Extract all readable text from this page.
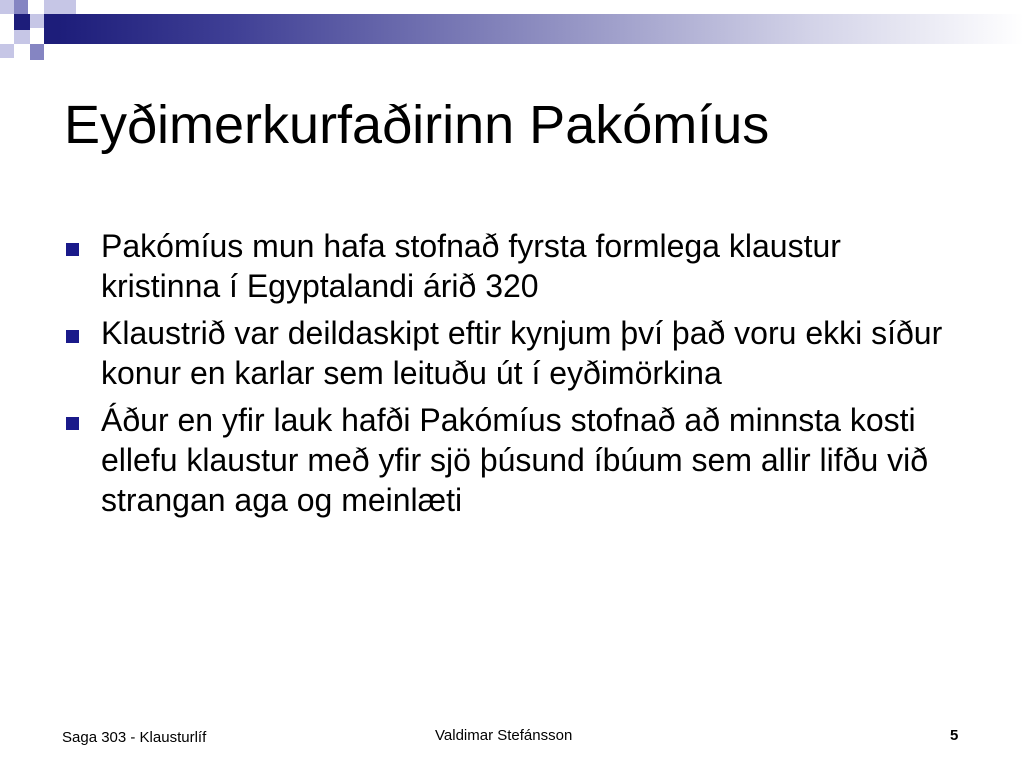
Eyðimerkurfaðirinn Pakómíus
Pakómíus mun hafa stofnað fyrsta formlega klaustur kristinna í Egyptalandi árið 320
Klaustrið var deildaskipt eftir kynjum því það voru ekki síður konur en karlar sem leituðu út í eyðimörkina
Áður en yfir lauk hafði Pakómíus stofnað að minnsta kosti ellefu klaustur með yfir sjö þúsund íbúum sem allir lifðu við strangan aga og meinlæti
Saga 303 - Klausturlíf	Valdimar Stefánsson	5
